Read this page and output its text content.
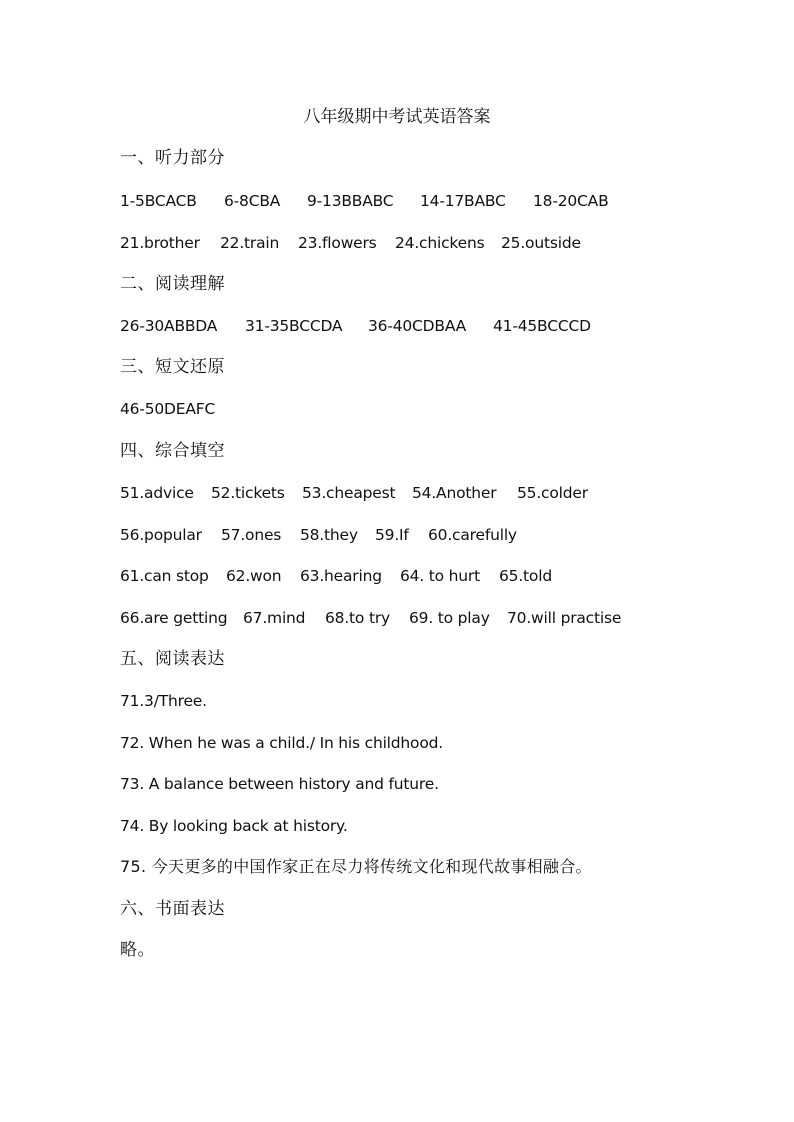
八年级期中考试英语答案
一、听力部分
1-5BCACB 6-8CBA 9-13BBABC 14-17BABC 18-20CAB
21.brother 22.train 23.flowers 24.chickens 25.outside
二、阅读理解
26-30ABBDA 31-35BCCDA 36-40CDBAA 41-45BCCCD
三、短文还原
46-50DEAFC
四、综合填空
51.advice 52.tickets 53.cheapest 54.Another 55.colder
56.popular 57.ones 58.they 59.If 60.carefully
61.can stop 62.won 63.hearing 64. to hurt 65.told
66.are getting 67.mind 68.to try 69. to play 70.will practise
五、阅读表达
71.3/Three.
72. When he was a child./ In his childhood.
73. A balance between history and future.
74. By looking back at history.
75. 今天更多的中国作家正在尽力将传统文化和现代故事相融合。
六、书面表达
略。
